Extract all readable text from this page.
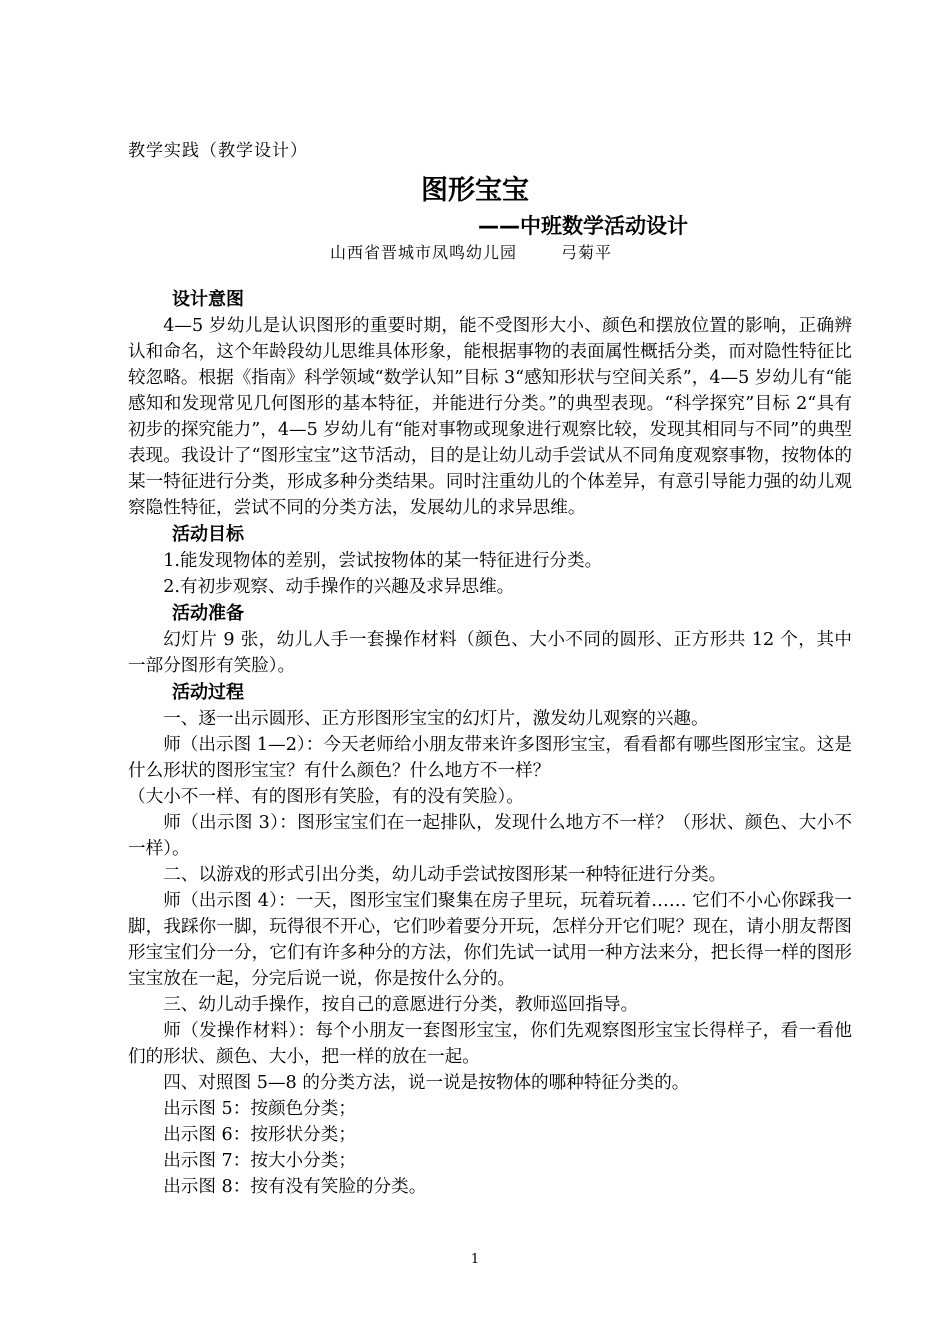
教学实践（教学设计）
图形宝宝
——中班数学活动设计
山西省晋城市凤鸣幼儿园	弓菊平
设计意图

4—5 岁幼儿是认识图形的重要时期，能不受图形大小、颜色和摆放位置的影响，正确辨认和命名，这个年龄段幼儿思维具体形象，能根据事物的表面属性概括分类，而对隐性特征比较忽略。根据《指南》科学领域“数学认知”目标 3“感知形状与空间关系”，4—5 岁幼儿有“能感知和发现常见几何图形的基本特征，并能进行分类。”的典型表现。“科学探究”目标 2“具有初步的探究能力”，4—5 岁幼儿有“能对事物或现象进行观察比较，发现其相同与不同”的典型表现。我设计了“图形宝宝”这节活动，目的是让幼儿动手尝试从不同角度观察事物，按物体的某一特征进行分类，形成多种分类结果。同时注重幼儿的个体差异，有意引导能力强的幼儿观察隐性特征，尝试不同的分类方法，发展幼儿的求异思维。

活动目标

1.能发现物体的差别，尝试按物体的某一特征进行分类。

2.有初步观察、动手操作的兴趣及求异思维。

活动准备

幻灯片 9 张，幼儿人手一套操作材料（颜色、大小不同的圆形、正方形共 12 个，其中一部分图形有笑脸）。

活动过程

一、逐一出示圆形、正方形图形宝宝的幻灯片，激发幼儿观察的兴趣。

师（出示图 1—2）：今天老师给小朋友带来许多图形宝宝，看看都有哪些图形宝宝。这是什么形状的图形宝宝？有什么颜色？什么地方不一样？

（大小不一样、有的图形有笑脸，有的没有笑脸）。

师（出示图 3）：图形宝宝们在一起排队，发现什么地方不一样？（形状、颜色、大小不一样）。

二、以游戏的形式引出分类，幼儿动手尝试按图形某一种特征进行分类。

师（出示图 4）：一天，图形宝宝们聚集在房子里玩，玩着玩着…… 它们不小心你踩我一脚，我踩你一脚，玩得很不开心，它们吵着要分开玩，怎样分开它们呢？现在，请小朋友帮图形宝宝们分一分，它们有许多种分的方法，你们先试一试用一种方法来分，把长得一样的图形宝宝放在一起，分完后说一说，你是按什么分的。

三、幼儿动手操作，按自己的意愿进行分类，教师巡回指导。

师（发操作材料）：每个小朋友一套图形宝宝，你们先观察图形宝宝长得样子，看一看他们的形状、颜色、大小，把一样的放在一起。

四、对照图 5—8 的分类方法，说一说是按物体的哪种特征分类的。

出示图 5：按颜色分类；

出示图 6：按形状分类；

出示图 7：按大小分类；

出示图 8：按有没有笑脸的分类。

1
